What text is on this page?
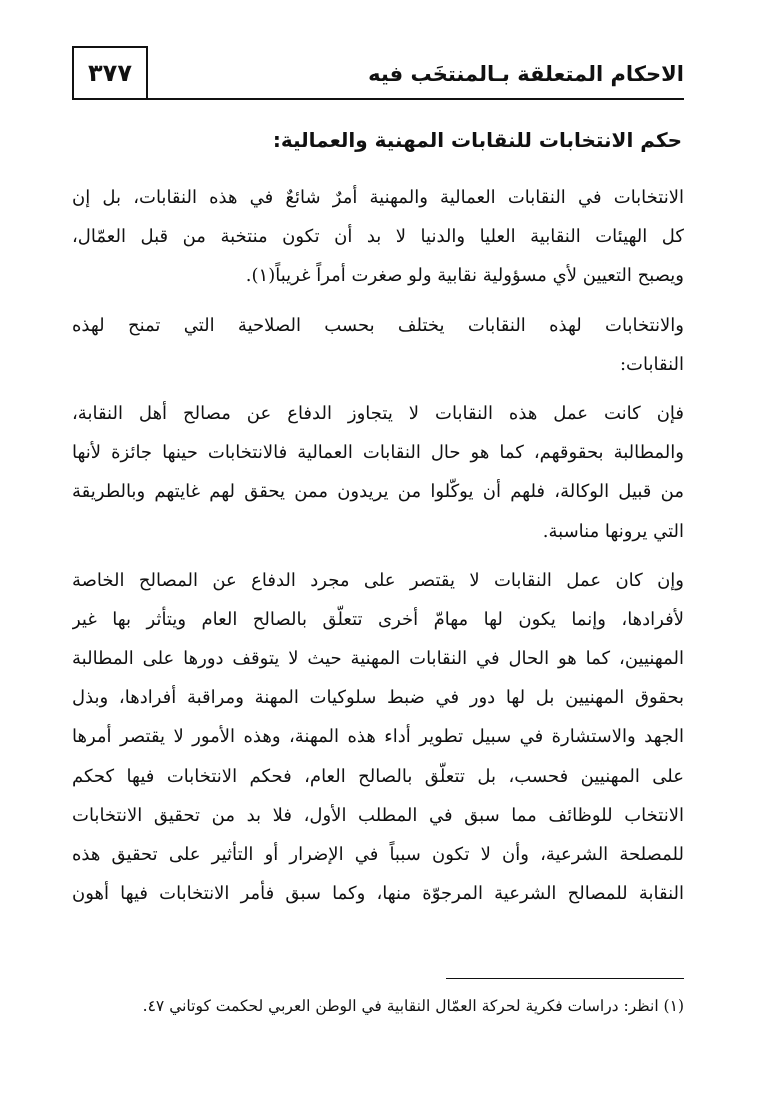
٣٧٧	الاحكام المتعلقة بـالمنتخَب فيه
حكم الانتخابات للنقابات المهنية والعمالية:
الانتخابات في النقابات العمالية والمهنية أمرٌ شائعٌ في هذه النقابات، بل إن
كل الهيئات النقابية العليا والدنيا لا بد أن تكون منتخبة من قبل العمّال،
ويصبح التعيين لأي مسؤولية نقابية ولو صغرت أمراً غريباً(١).
والانتخابات لهذه النقابات يختلف بحسب الصلاحية التي تمنح لهذه
النقابات:
فإن كانت عمل هذه النقابات لا يتجاوز الدفاع عن مصالح أهل النقابة،
والمطالبة بحقوقهم، كما هو حال النقابات العمالية فالانتخابات حينها جائزة لأنها
من قبيل الوكالة، فلهم أن يوكّلوا من يريدون ممن يحقق لهم غايتهم وبالطريقة
التي يرونها مناسبة.
وإن كان عمل النقابات لا يقتصر على مجرد الدفاع عن المصالح الخاصة
لأفرادها، وإنما يكون لها مهامّ أخرى تتعلّق بالصالح العام ويتأثر بها غير
المهنيين، كما هو الحال في النقابات المهنية حيث لا يتوقف دورها على المطالبة
بحقوق المهنيين بل لها دور في ضبط سلوكيات المهنة ومراقبة أفرادها، وبذل
الجهد والاستشارة في سبيل تطوير أداء هذه المهنة، وهذه الأمور لا يقتصر أمرها
على المهنيين فحسب، بل تتعلّق بالصالح العام، فحكم الانتخابات فيها كحكم
الانتخاب للوظائف مما سبق في المطلب الأول، فلا بد من تحقيق الانتخابات
للمصلحة الشرعية، وأن لا تكون سبباً في الإضرار أو التأثير على تحقيق هذه
النقابة للمصالح الشرعية المرجوّة منها، وكما سبق فأمر الانتخابات فيها أهون
(١) انظر: دراسات فكرية لحركة العمّال النقابية في الوطن العربي لحكمت كوتاني ٤٧.
